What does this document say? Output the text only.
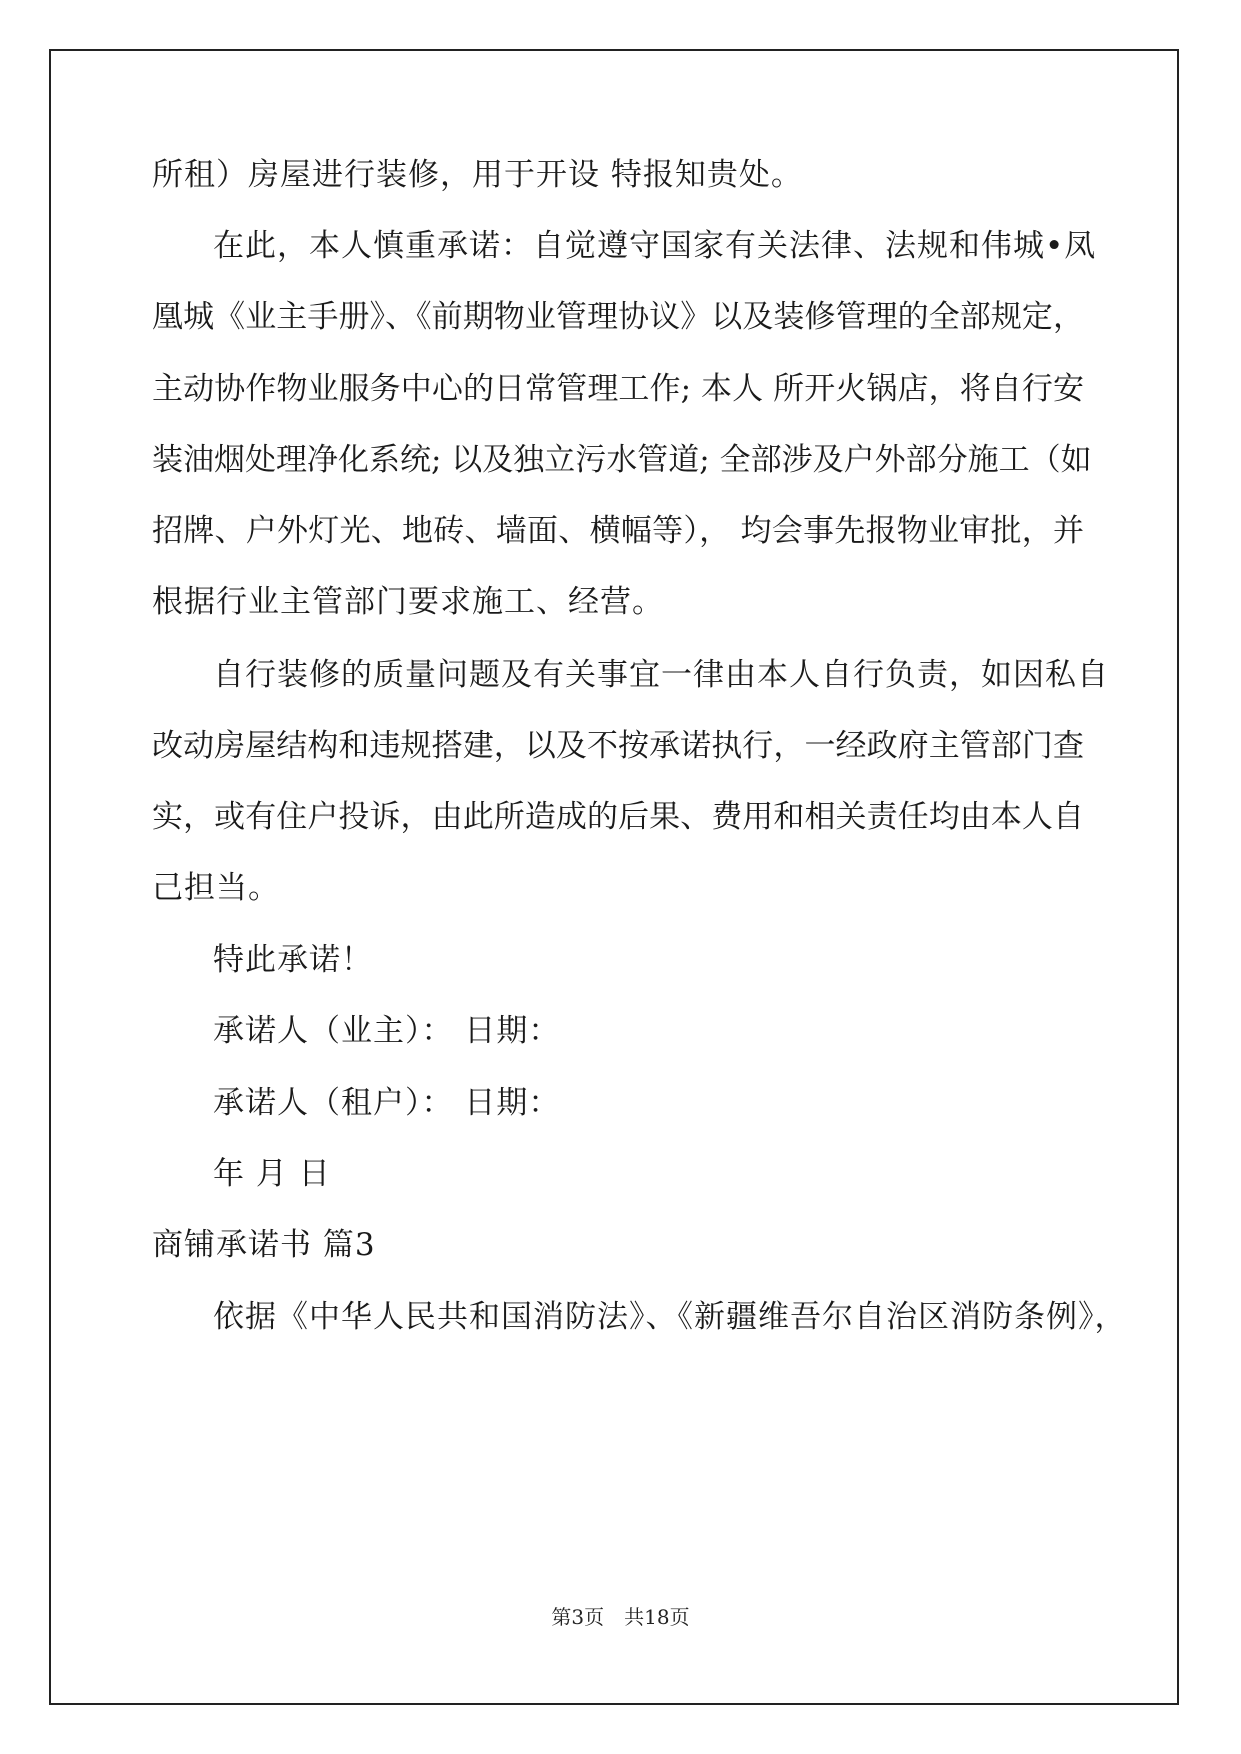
所租）房屋进行装修，用于开设 特报知贵处。
在此，本人慎重承诺：自觉遵守国家有关法律、法规和伟城•凤
凰城《业主手册》、《前期物业管理协议》以及装修管理的全部规定，
主动协作物业服务中心的日常管理工作; 本人 所开火锅店，将自行安
装油烟处理净化系统; 以及独立污水管道; 全部涉及户外部分施工（如
招牌、户外灯光、地砖、墙面、横幅等）， 均会事先报物业审批，并
根据行业主管部门要求施工、经营。
自行装修的质量问题及有关事宜一律由本人自行负责，如因私自
改动房屋结构和违规搭建，以及不按承诺执行，一经政府主管部门查
实，或有住户投诉，由此所造成的后果、费用和相关责任均由本人自
己担当。
特此承诺！
承诺人（业主）： 日期：
承诺人（租户）： 日期：
年 月 日
商铺承诺书 篇3
依据《中华人民共和国消防法》、《新疆维吾尔自治区消防条例》，
第3页　共18页
